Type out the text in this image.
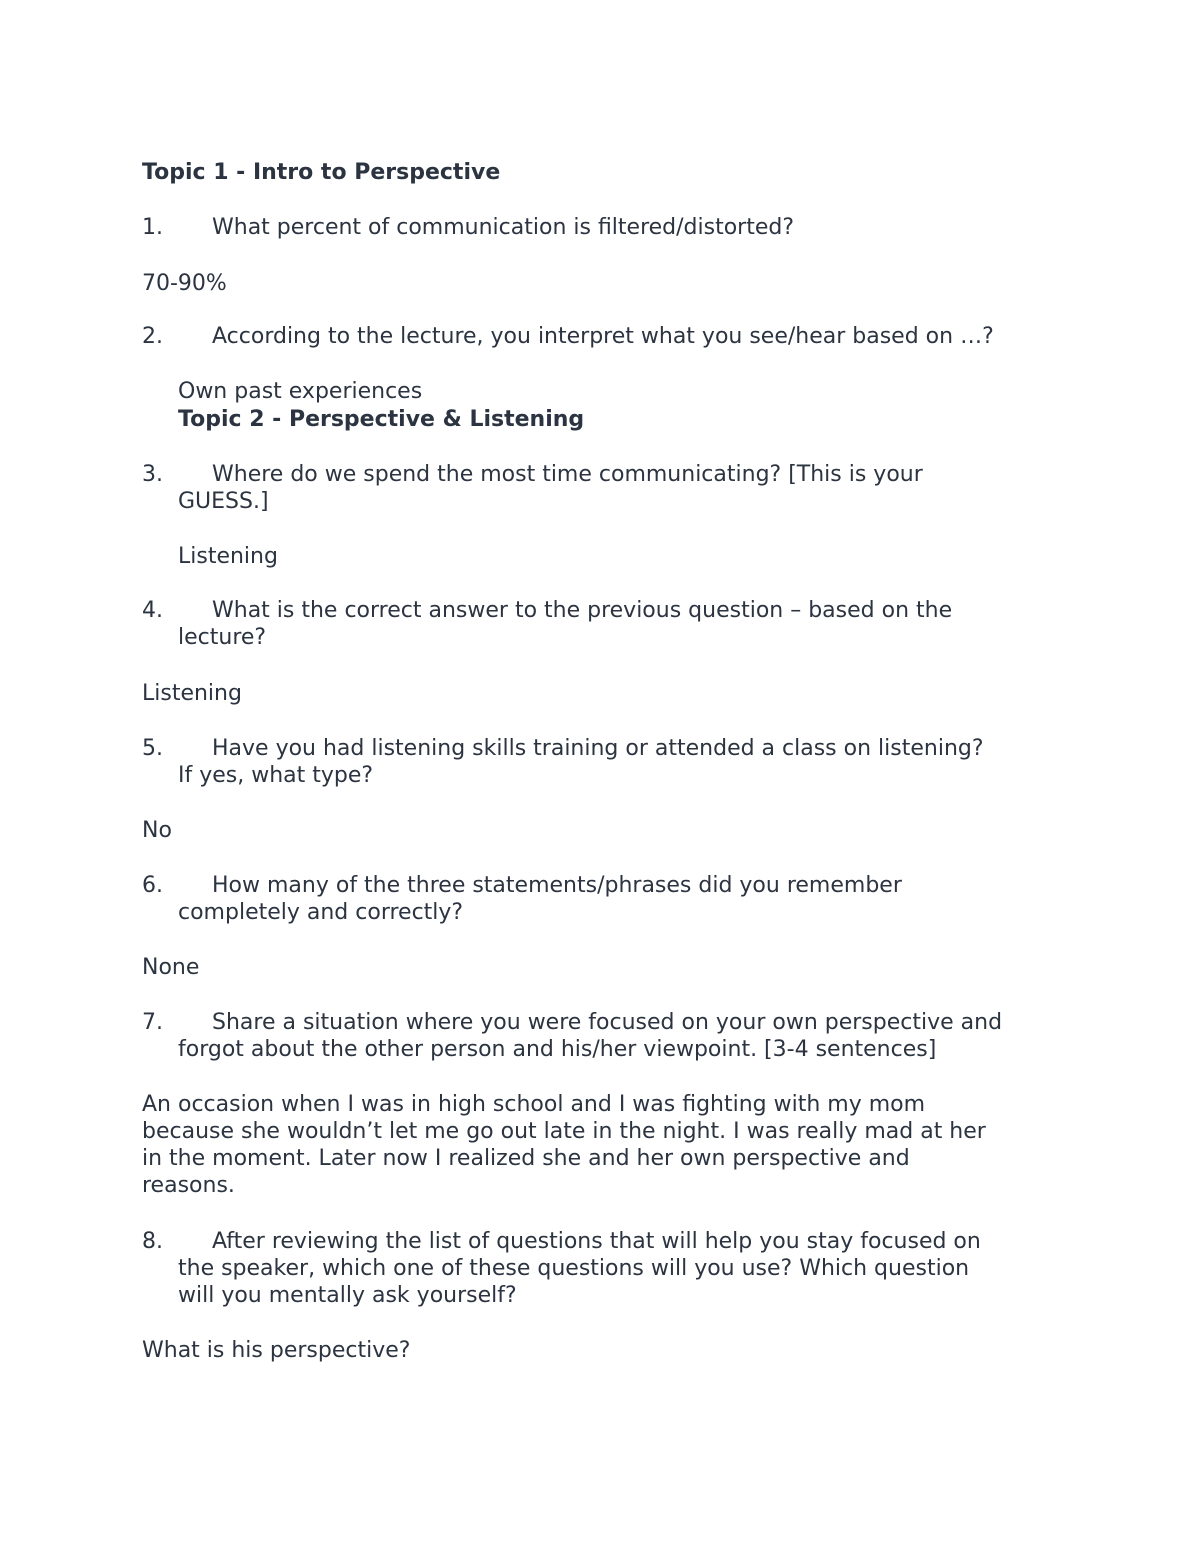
Topic 1 - Intro to Perspective
1.	What percent of communication is filtered/distorted?
70-90%
2.	According to the lecture, you interpret what you see/hear based on …?
Own past experiences
Topic 2 - Perspective & Listening
3.	Where do we spend the most time communicating? [This is your
GUESS.]
Listening
4.	What is the correct answer to the previous question – based on the
lecture?
Listening
5.	Have you had listening skills training or attended a class on listening?
If yes, what type?
No
6.	How many of the three statements/phrases did you remember
completely and correctly?
None
7.	Share a situation where you were focused on your own perspective and
forgot about the other person and his/her viewpoint. [3-4 sentences]
An occasion when I was in high school and I was fighting with my mom
because she wouldn’t let me go out late in the night. I was really mad at her
in the moment. Later now I realized she and her own perspective and
reasons.
8.	After reviewing the list of questions that will help you stay focused on
the speaker, which one of these questions will you use? Which question
will you mentally ask yourself?
What is his perspective?
